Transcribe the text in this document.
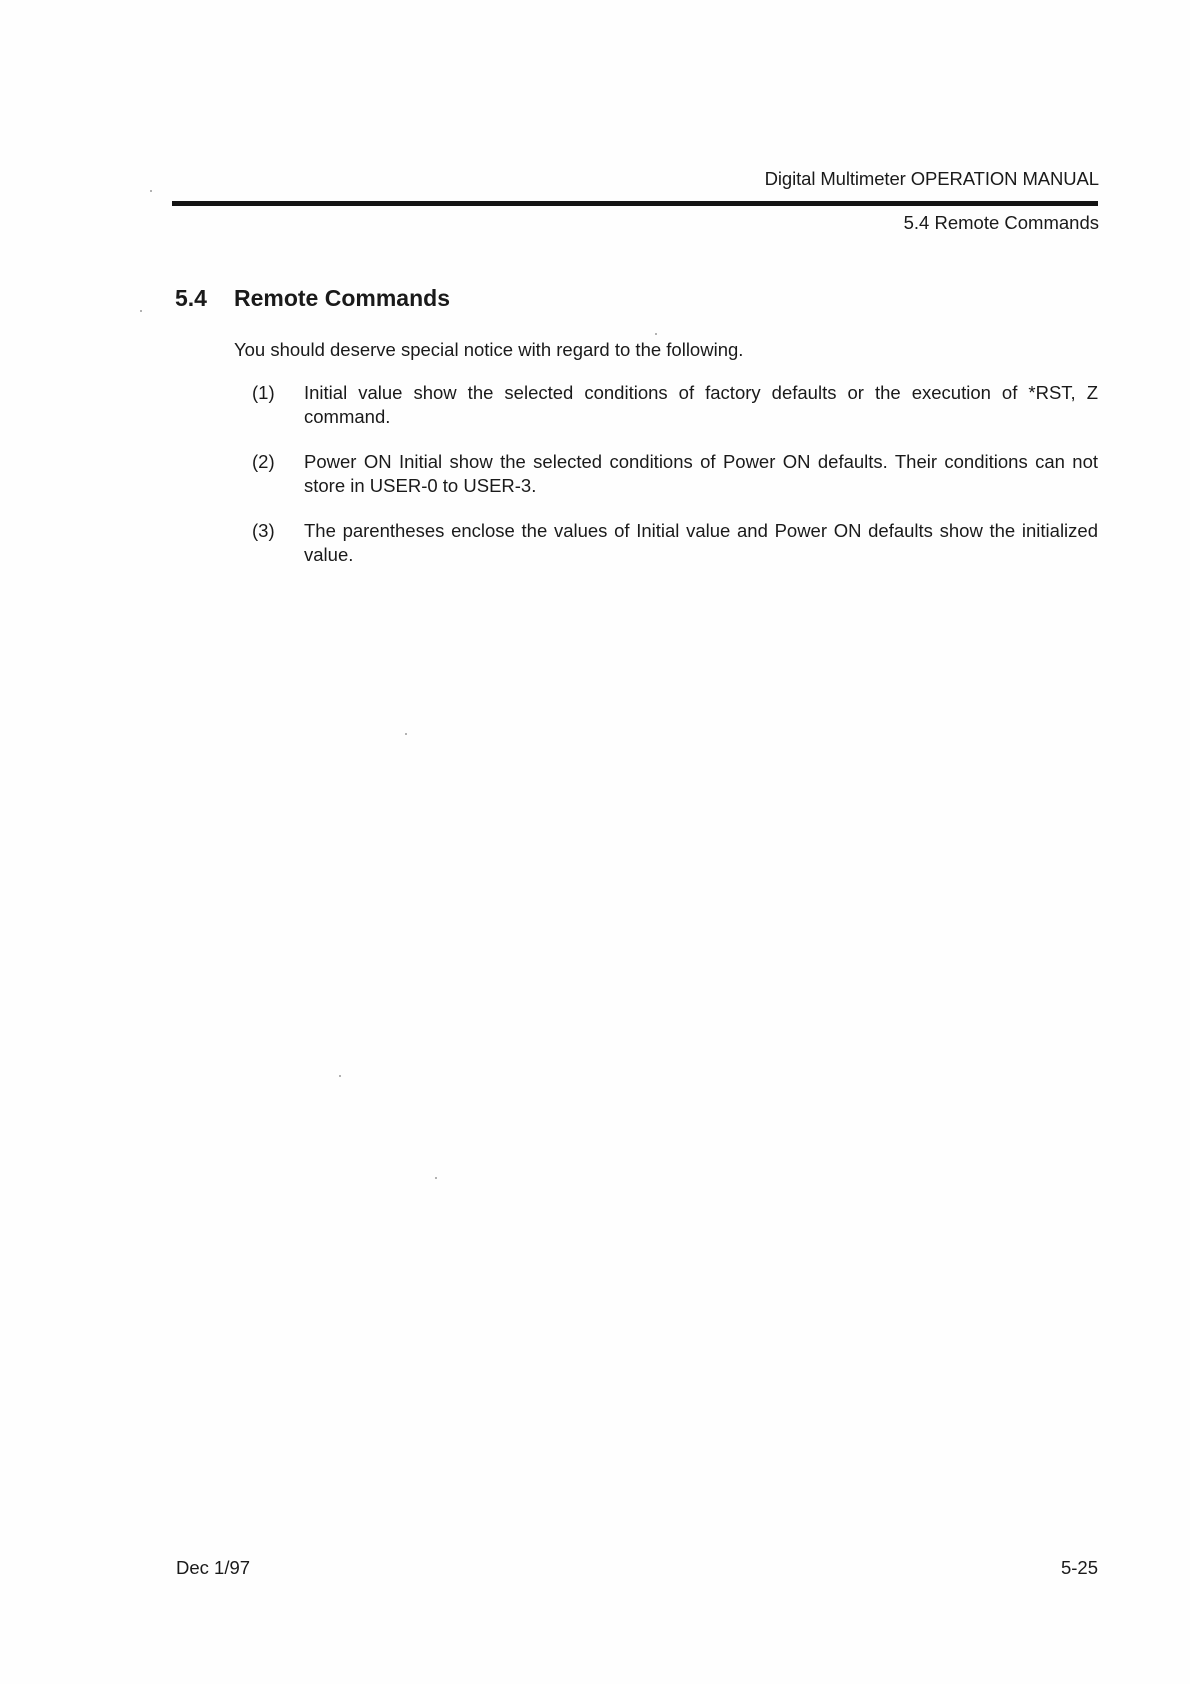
Digital Multimeter OPERATION MANUAL
5.4 Remote Commands
5.4 Remote Commands
You should deserve special notice with regard to the following.
(1)	Initial value show the selected conditions of factory defaults or the execution of *RST, Z command.
(2)	Power ON Initial show the selected conditions of Power ON defaults. Their conditions can not store in USER-0 to USER-3.
(3)	The parentheses enclose the values of Initial value and Power ON defaults show the initialized value.
Dec 1/97	5-25
